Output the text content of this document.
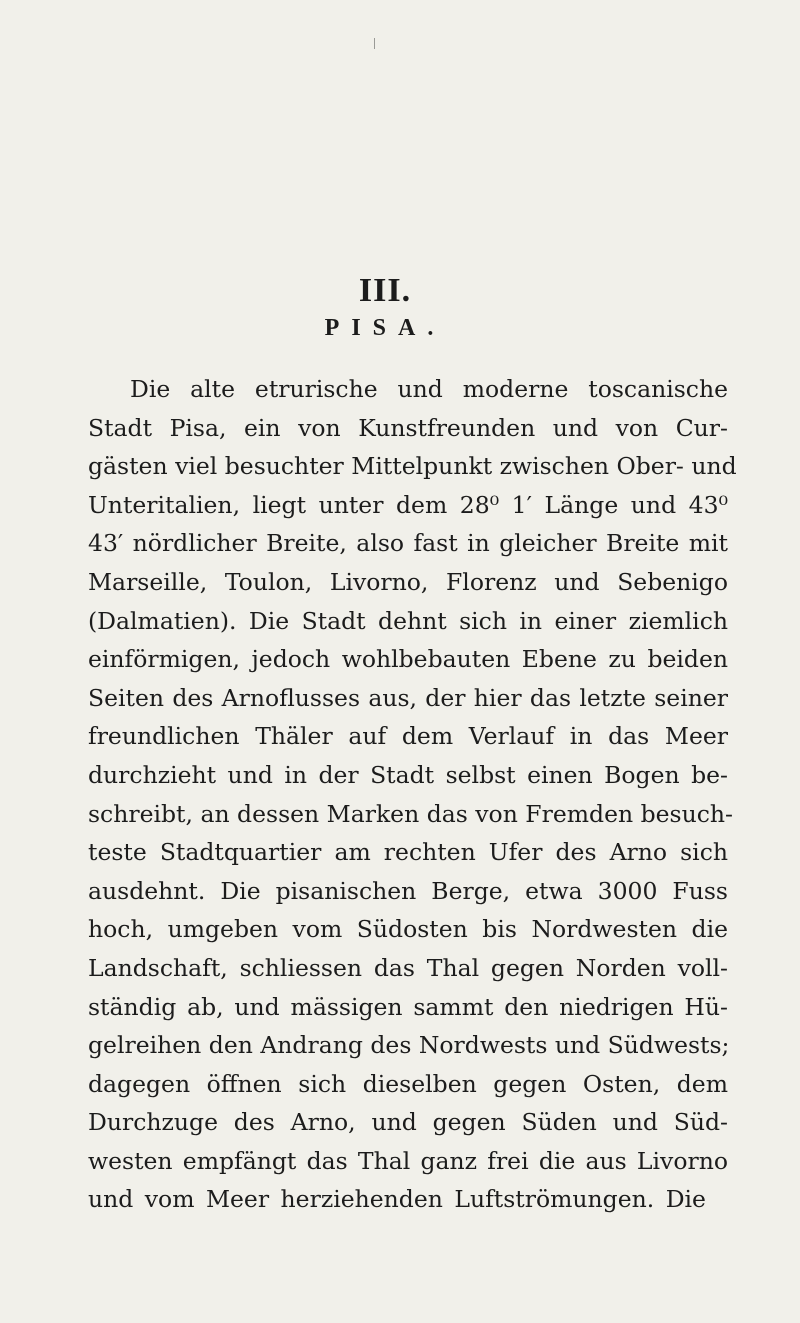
III.
PISA.
Die alte etrurische und moderne toscanische
Stadt Pisa, ein von Kunstfreunden und von Cur-
gästen viel besuchter Mittelpunkt zwischen Ober- und
Unteritalien, liegt unter dem 28⁰ 1′ Länge und 43⁰
43′ nördlicher Breite, also fast in gleicher Breite mit
Marseille, Toulon, Livorno, Florenz und Sebenigo
(Dalmatien). Die Stadt dehnt sich in einer ziemlich
einförmigen, jedoch wohlbebauten Ebene zu beiden
Seiten des Arnoflusses aus, der hier das letzte seiner
freundlichen Thäler auf dem Verlauf in das Meer
durchzieht und in der Stadt selbst einen Bogen be-
schreibt, an dessen Marken das von Fremden besuch-
teste Stadtquartier am rechten Ufer des Arno sich
ausdehnt. Die pisanischen Berge, etwa 3000 Fuss
hoch, umgeben vom Südosten bis Nordwesten die
Landschaft, schliessen das Thal gegen Norden voll-
ständig ab, und mässigen sammt den niedrigen Hü-
gelreihen den Andrang des Nordwests und Südwests;
dagegen öffnen sich dieselben gegen Osten, dem
Durchzuge des Arno, und gegen Süden und Süd-
westen empfängt das Thal ganz frei die aus Livorno
und vom Meer herziehenden Luftströmungen. Die
